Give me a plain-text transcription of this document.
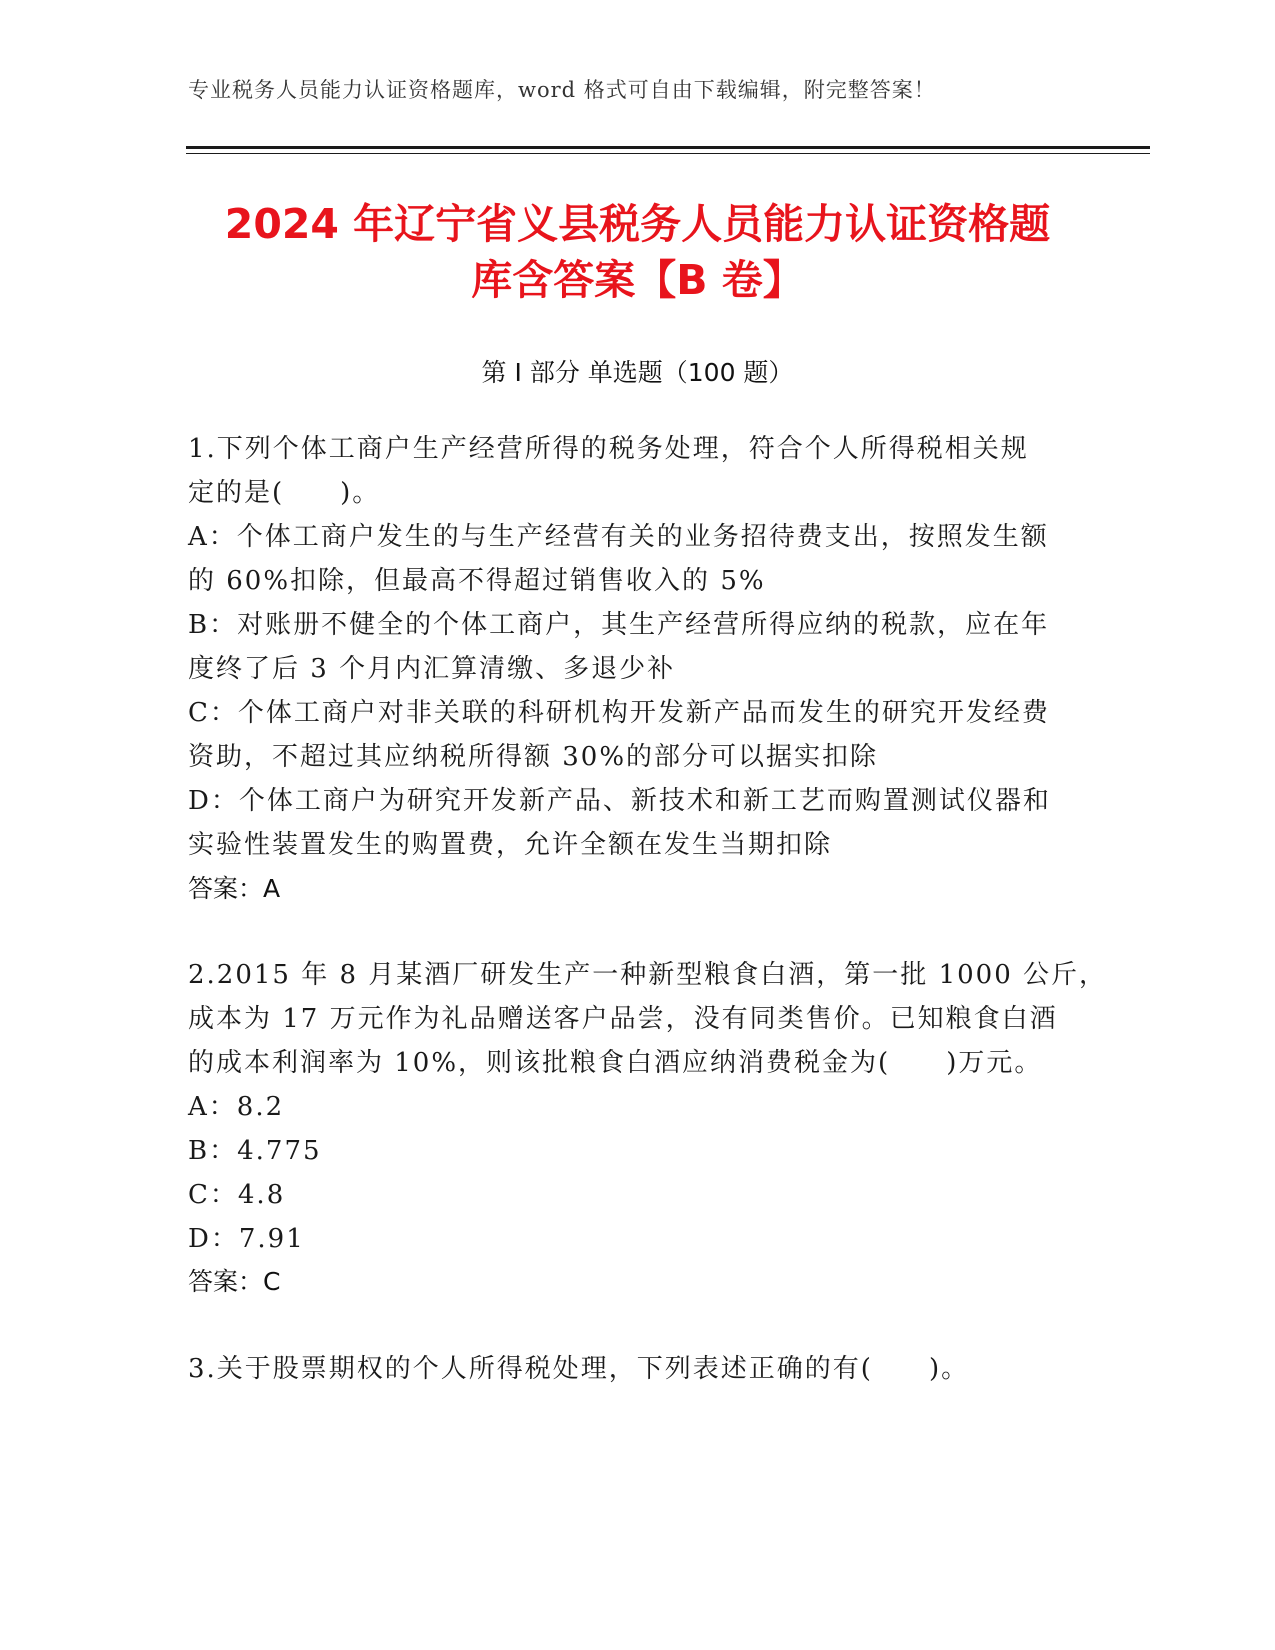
专业税务人员能力认证资格题库，word 格式可自由下载编辑，附完整答案！
2024 年辽宁省义县税务人员能力认证资格题
库含答案【B 卷】
第 I 部分 单选题（100 题）
1.下列个体工商户生产经营所得的税务处理，符合个人所得税相关规
定的是(　　)。
A：个体工商户发生的与生产经营有关的业务招待费支出，按照发生额
的 60%扣除，但最高不得超过销售收入的 5%
B：对账册不健全的个体工商户，其生产经营所得应纳的税款，应在年
度终了后 3 个月内汇算清缴、多退少补
C：个体工商户对非关联的科研机构开发新产品而发生的研究开发经费
资助，不超过其应纳税所得额 30%的部分可以据实扣除
D：个体工商户为研究开发新产品、新技术和新工艺而购置测试仪器和
实验性装置发生的购置费，允许全额在发生当期扣除
答案：A
2.2015 年 8 月某酒厂研发生产一种新型粮食白酒，第一批 1000 公斤，
成本为 17 万元作为礼品赠送客户品尝，没有同类售价。已知粮食白酒
的成本利润率为 10%，则该批粮食白酒应纳消费税金为(　　)万元。
A：8.2
B：4.775
C：4.8
D：7.91
答案：C
3.关于股票期权的个人所得税处理，下列表述正确的有(　　)。
